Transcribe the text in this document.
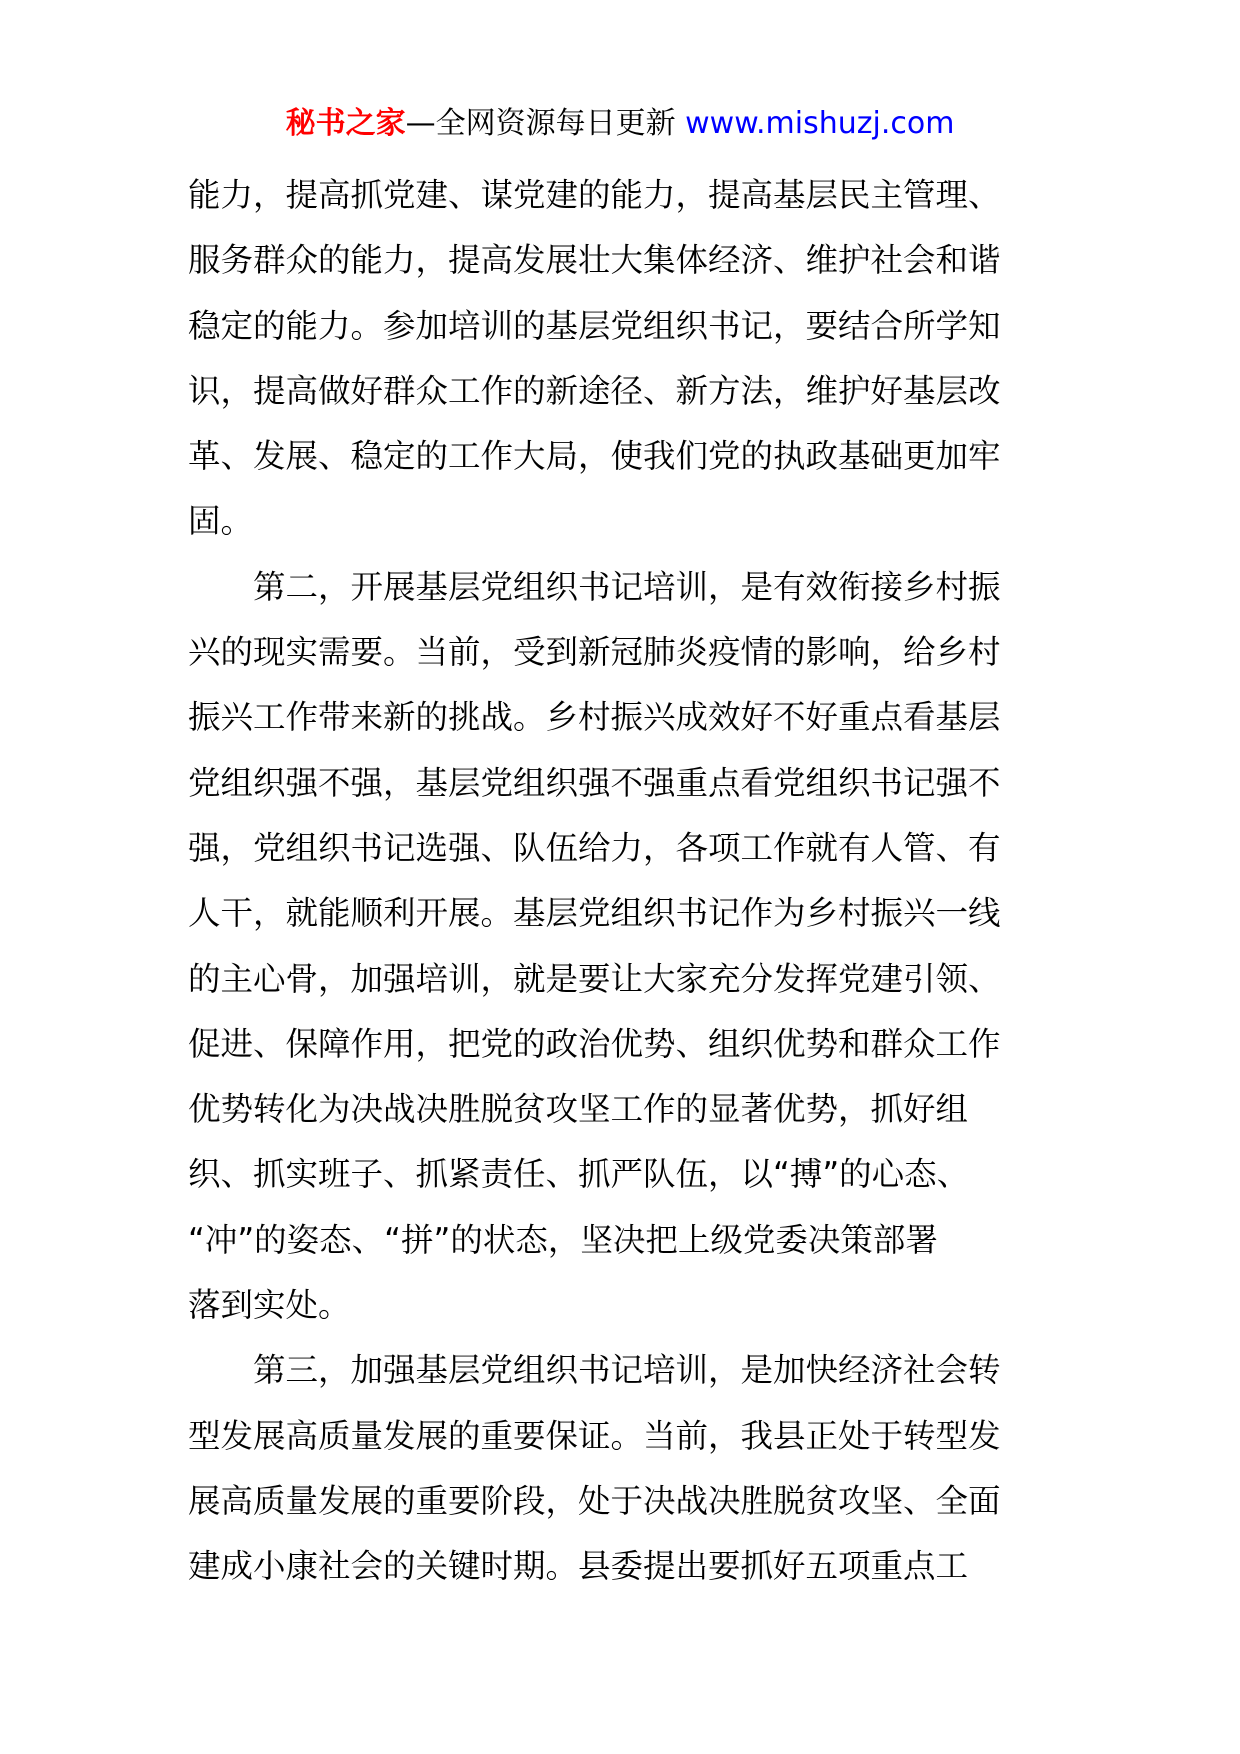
秘书之家—全网资源每日更新 www.mishuzj.com
能力，提高抓党建、谋党建的能力，提高基层民主管理、
服务群众的能力，提高发展壮大集体经济、维护社会和谐
稳定的能力。参加培训的基层党组织书记，要结合所学知
识，提高做好群众工作的新途径、新方法，维护好基层改
革、发展、稳定的工作大局，使我们党的执政基础更加牢
固。
　　第二，开展基层党组织书记培训，是有效衔接乡村振
兴的现实需要。当前，受到新冠肺炎疫情的影响，给乡村
振兴工作带来新的挑战。乡村振兴成效好不好重点看基层
党组织强不强，基层党组织强不强重点看党组织书记强不
强，党组织书记选强、队伍给力，各项工作就有人管、有
人干，就能顺利开展。基层党组织书记作为乡村振兴一线
的主心骨，加强培训，就是要让大家充分发挥党建引领、
促进、保障作用，把党的政治优势、组织优势和群众工作
优势转化为决战决胜脱贫攻坚工作的显著优势，抓好组
织、抓实班子、抓紧责任、抓严队伍，以“搏”的心态、
“冲”的姿态、“拼”的状态，坚决把上级党委决策部署
落到实处。
　　第三，加强基层党组织书记培训，是加快经济社会转
型发展高质量发展的重要保证。当前，我县正处于转型发
展高质量发展的重要阶段，处于决战决胜脱贫攻坚、全面
建成小康社会的关键时期。县委提出要抓好五项重点工
